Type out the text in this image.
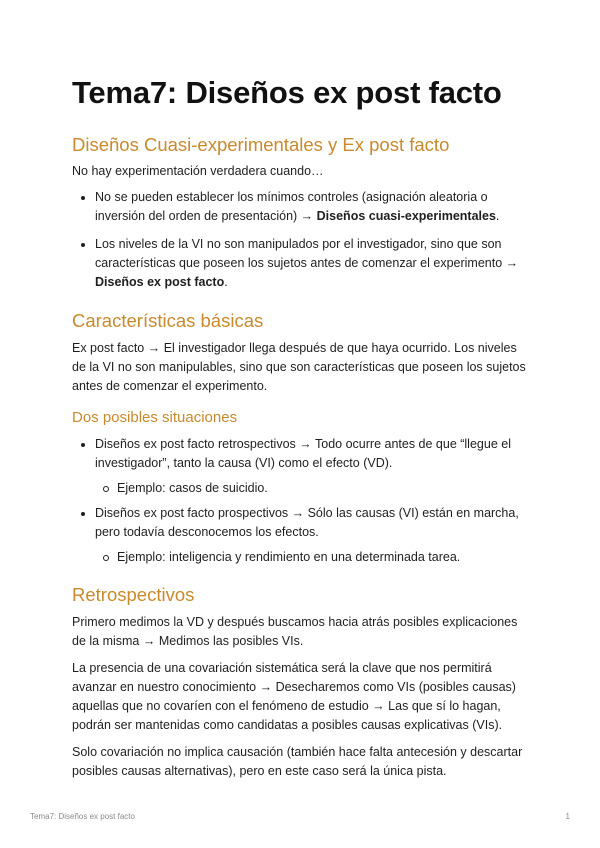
Tema7: Diseños ex post facto
Diseños Cuasi-experimentales y Ex post facto

No hay experimentación verdadera cuando…

No se pueden establecer los mínimos controles (asignación aleatoria o inversión del orden de presentación) → Diseños cuasi-experimentales.
Los niveles de la VI no son manipulados por el investigador, sino que son características que poseen los sujetos antes de comenzar el experimento → Diseños ex post facto.
Características básicas

Ex post facto → El investigador llega después de que haya ocurrido. Los niveles de la VI no son manipulables, sino que son características que poseen los sujetos antes de comenzar el experimento.

Dos posibles situaciones
Diseños ex post facto retrospectivos → Todo ocurre antes de que “llegue el investigador”, tanto la causa (VI) como el efecto (VD).
Ejemplo: casos de suicidio.
Diseños ex post facto prospectivos → Sólo las causas (VI) están en marcha, pero todavía desconocemos los efectos.
Ejemplo: inteligencia y rendimiento en una determinada tarea.
Retrospectivos

Primero medimos la VD y después buscamos hacia atrás posibles explicaciones de la misma → Medimos las posibles VIs.

La presencia de una covariación sistemática será la clave que nos permitirá avanzar en nuestro conocimiento → Desecharemos como VIs (posibles causas) aquellas que no covaríen con el fenómeno de estudio → Las que sí lo hagan, podrán ser mantenidas como candidatas a posibles causas explicativas (VIs).

Solo covariación no implica causación (también hace falta antecesión y descartar posibles causas alternativas), pero en este caso será la única pista.

Tema7: Diseños ex post facto	1
